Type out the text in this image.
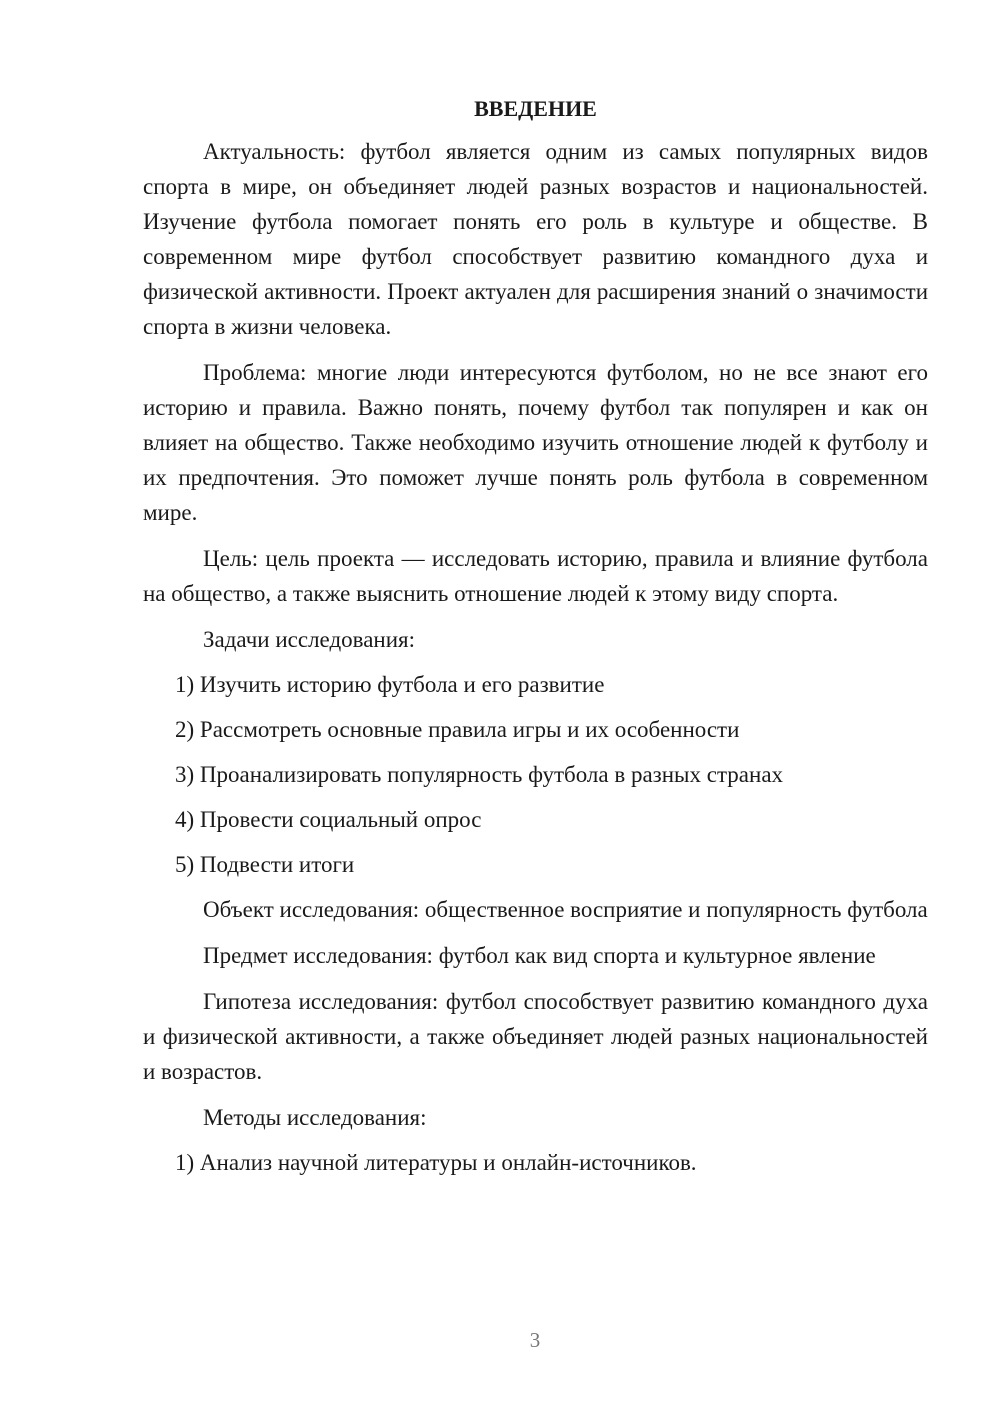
ВВЕДЕНИЕ

Актуальность: футбол является одним из самых популярных видов спорта в мире, он объединяет людей разных возрастов и национальностей. Изучение футбола помогает понять его роль в культуре и обществе. В современном мире футбол способствует развитию командного духа и физической активности. Проект актуален для расширения знаний о значимости спорта в жизни человека.

Проблема: многие люди интересуются футболом, но не все знают его историю и правила. Важно понять, почему футбол так популярен и как он влияет на общество. Также необходимо изучить отношение людей к футболу и их предпочтения. Это поможет лучше понять роль футбола в современном мире.

Цель: цель проекта — исследовать историю, правила и влияние футбола на общество, а также выяснить отношение людей к этому виду спорта.

Задачи исследования:

1) Изучить историю футбола и его развитие
2) Рассмотреть основные правила игры и их особенности
3) Проанализировать популярность футбола в разных странах
4) Провести социальный опрос
5) Подвести итоги

Объект исследования: общественное восприятие и популярность футбола

Предмет исследования: футбол как вид спорта и культурное явление

Гипотеза исследования: футбол способствует развитию командного духа и физической активности, а также объединяет людей разных национальностей и возрастов.

Методы исследования:

1) Анализ научной литературы и онлайн-источников.
3
